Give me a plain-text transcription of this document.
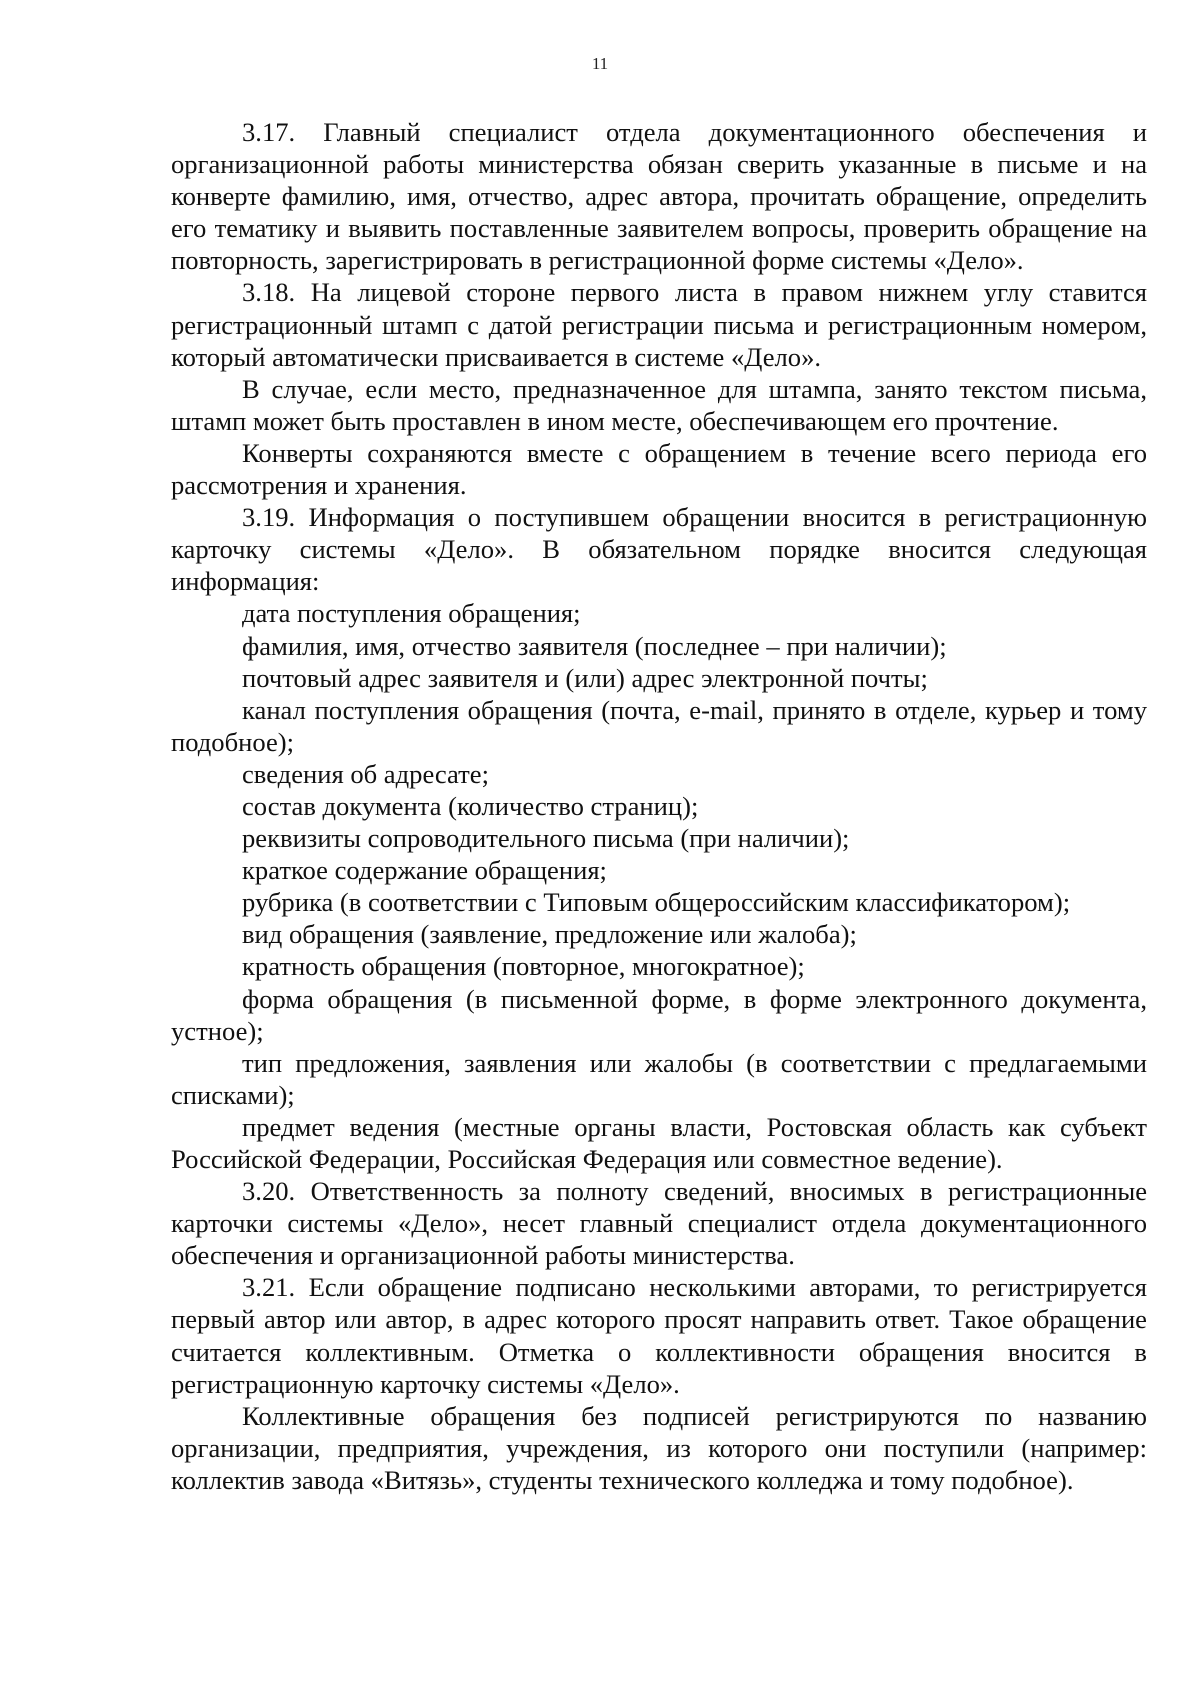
11

3.17. Главный специалист отдела документационного обеспечения и организационной работы министерства обязан сверить указанные в письме и на конверте фамилию, имя, отчество, адрес автора, прочитать обращение, определить его тематику и выявить поставленные заявителем вопросы, проверить обращение на повторность, зарегистрировать в регистрационной форме системы «Дело».

3.18. На лицевой стороне первого листа в правом нижнем углу ставится регистрационный штамп с датой регистрации письма и регистрационным номером, который автоматически присваивается в системе «Дело».

В случае, если место, предназначенное для штампа, занято текстом письма, штамп может быть проставлен в ином месте, обеспечивающем его прочтение.

Конверты сохраняются вместе с обращением в течение всего периода его рассмотрения и хранения.

3.19. Информация о поступившем обращении вносится в регистрационную карточку системы «Дело». В обязательном порядке вносится следующая информация:

дата поступления обращения;

фамилия, имя, отчество заявителя (последнее – при наличии);

почтовый адрес заявителя и (или) адрес электронной почты;

канал поступления обращения (почта, e-mail, принято в отделе, курьер и тому подобное);

сведения об адресате;

состав документа (количество страниц);

реквизиты сопроводительного письма (при наличии);

краткое содержание обращения;

рубрика (в соответствии с Типовым общероссийским классификатором);

вид обращения (заявление, предложение или жалоба);

кратность обращения (повторное, многократное);

форма обращения (в письменной форме, в форме электронного документа, устное);

тип предложения, заявления или жалобы (в соответствии с предлагаемыми списками);

предмет ведения (местные органы власти, Ростовская область как субъект Российской Федерации, Российская Федерация или совместное ведение).

3.20. Ответственность за полноту сведений, вносимых в регистрационные карточки системы «Дело», несет главный специалист отдела документационного обеспечения и организационной работы министерства.

3.21. Если обращение подписано несколькими авторами, то регистрируется первый автор или автор, в адрес которого просят направить ответ. Такое обращение считается коллективным. Отметка о коллективности обращения вносится в регистрационную карточку системы «Дело».

Коллективные обращения без подписей регистрируются по названию организации, предприятия, учреждения, из которого они поступили (например: коллектив завода «Витязь», студенты технического колледжа и тому подобное).
